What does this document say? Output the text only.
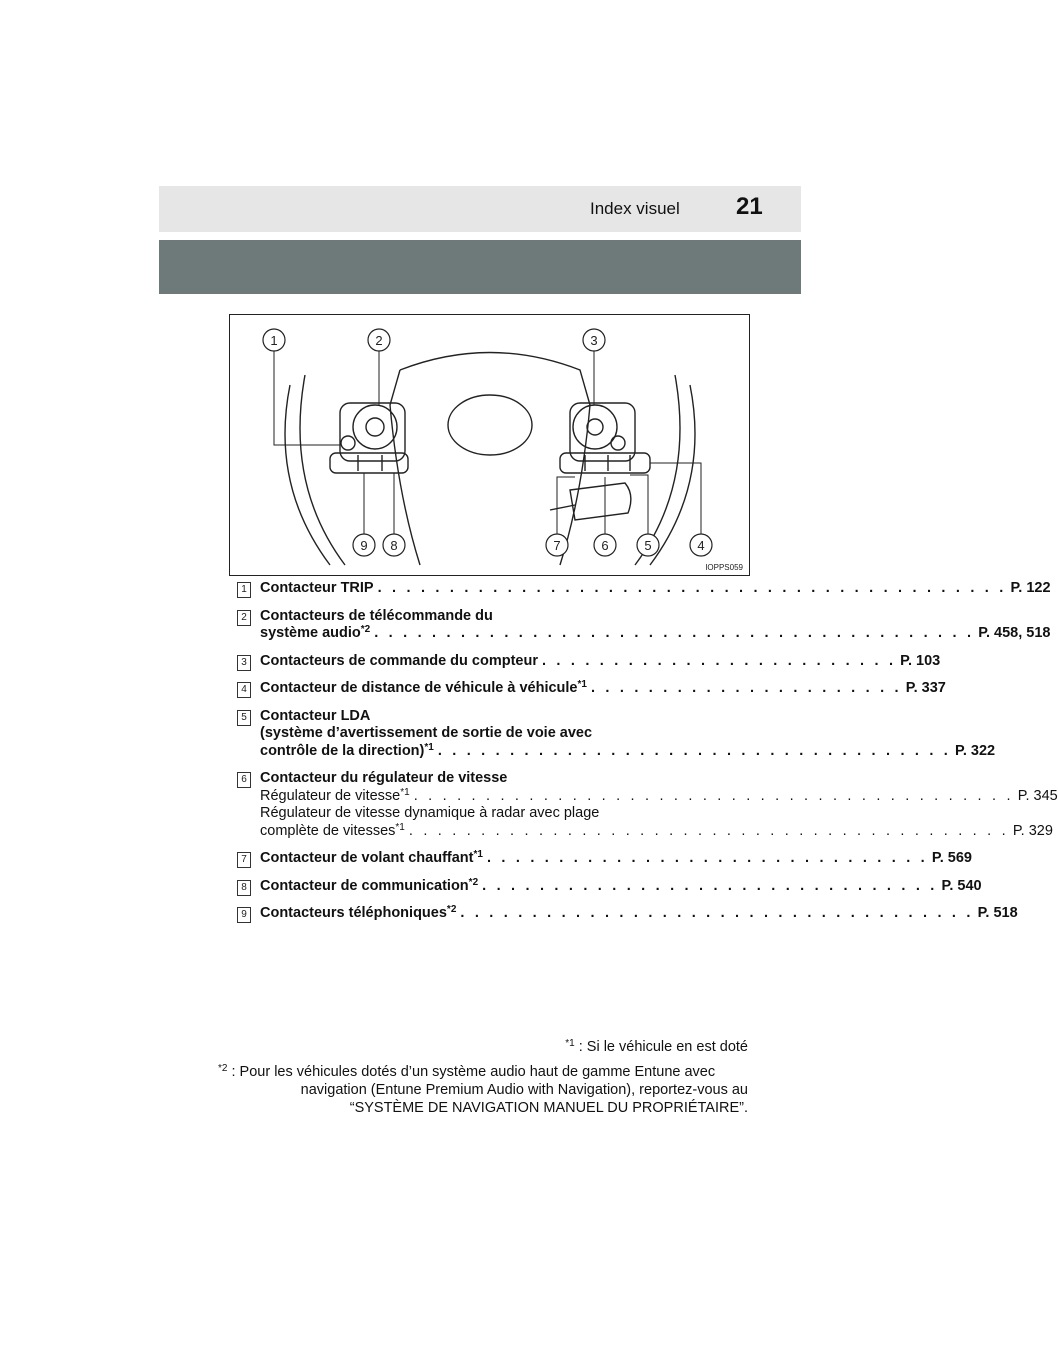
Index visuel 21
1	2	3
4
5
6
7
8
9
IOPPS059
1 Contacteur TRIP . . . . . . . . . . . . . . . . . . . . . . . . . . . . . . . . . . . . . . . . . . . . P. 122
2 Contacteurs de télécommande du
système audio$^{*2}$ . . . . . . . . . . . . . . . . . . . . . . . . . . . . . . . . . . . . . . . . . . P. 458, 518
3 Contacteurs de commande du compteur . . . . . . . . . . . . . . . . . . . . . . . . . P. 103
4 Contacteur de distance de véhicule à véhicule$^{*1}$ . . . . . . . . . . . . . . . . . . . . . . P. 337
5 Contacteur LDA
(système d’avertissement de sortie de voie avec
contrôle de la direction)$^{*1}$ . . . . . . . . . . . . . . . . . . . . . . . . . . . . . . . . . . . . P. 322
6 Contacteur du régulateur de vitesse
Régulateur de vitesse$^{*1}$ . . . . . . . . . . . . . . . . . . . . . . . . . . . . . . . . . . . . . . . . . . P. 345
Régulateur de vitesse dynamique à radar avec plage
complète de vitesses$^{*1}$ . . . . . . . . . . . . . . . . . . . . . . . . . . . . . . . . . . . . . . . . . . P. 329
7 Contacteur de volant chauffant$^{*1}$ . . . . . . . . . . . . . . . . . . . . . . . . . . . . . . . P. 569
8 Contacteur de communication$^{*2}$ . . . . . . . . . . . . . . . . . . . . . . . . . . . . . . . . P. 540
9 Contacteurs téléphoniques$^{*2}$ . . . . . . . . . . . . . . . . . . . . . . . . . . . . . . . . . . . . P. 518
$^{*1}$ : Si le véhicule en est doté
$^{*2}$ : Pour les véhicules dotés d’un système audio haut de gamme Entune avec
navigation (Entune Premium Audio with Navigation), reportez-vous au
“SYSTÈME DE NAVIGATION MANUEL DU PROPRIÉTAIRE”.
